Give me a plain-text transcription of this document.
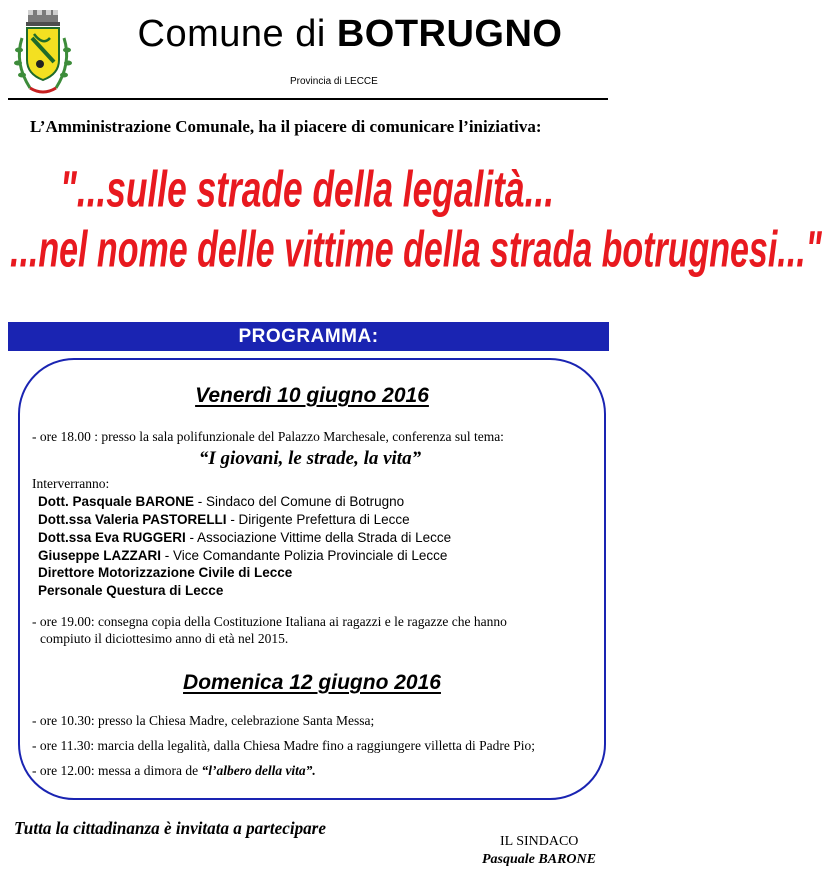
Comune di BOTRUGNO
Provincia di LECCE
L’Amministrazione Comunale, ha il piacere di comunicare l’iniziativa:
"...sulle strade della legalità...
...nel nome delle vittime della strada botrugnesi..."
PROGRAMMA:
Venerdì 10 giugno 2016
- ore 18.00 : presso la sala polifunzionale del Palazzo Marchesale, conferenza sul tema:
“I giovani, le strade, la vita”
Interverranno:
Dott. Pasquale BARONE - Sindaco del Comune di Botrugno
Dott.ssa Valeria PASTORELLI - Dirigente Prefettura di Lecce
Dott.ssa Eva RUGGERI - Associazione Vittime della Strada di Lecce
Giuseppe LAZZARI - Vice Comandante Polizia Provinciale di Lecce
Direttore Motorizzazione Civile di Lecce
Personale Questura di Lecce
- ore 19.00: consegna copia della Costituzione Italiana ai ragazzi e le ragazze che hanno
compiuto il diciottesimo anno di età nel 2015.
Domenica 12 giugno 2016
- ore 10.30: presso la Chiesa Madre, celebrazione Santa Messa;
- ore 11.30: marcia della legalità, dalla Chiesa Madre fino a raggiungere villetta di Padre Pio;
- ore 12.00: messa a dimora de “l’albero della vita”.
Tutta la cittadinanza è invitata a partecipare
IL SINDACO
Pasquale BARONE
